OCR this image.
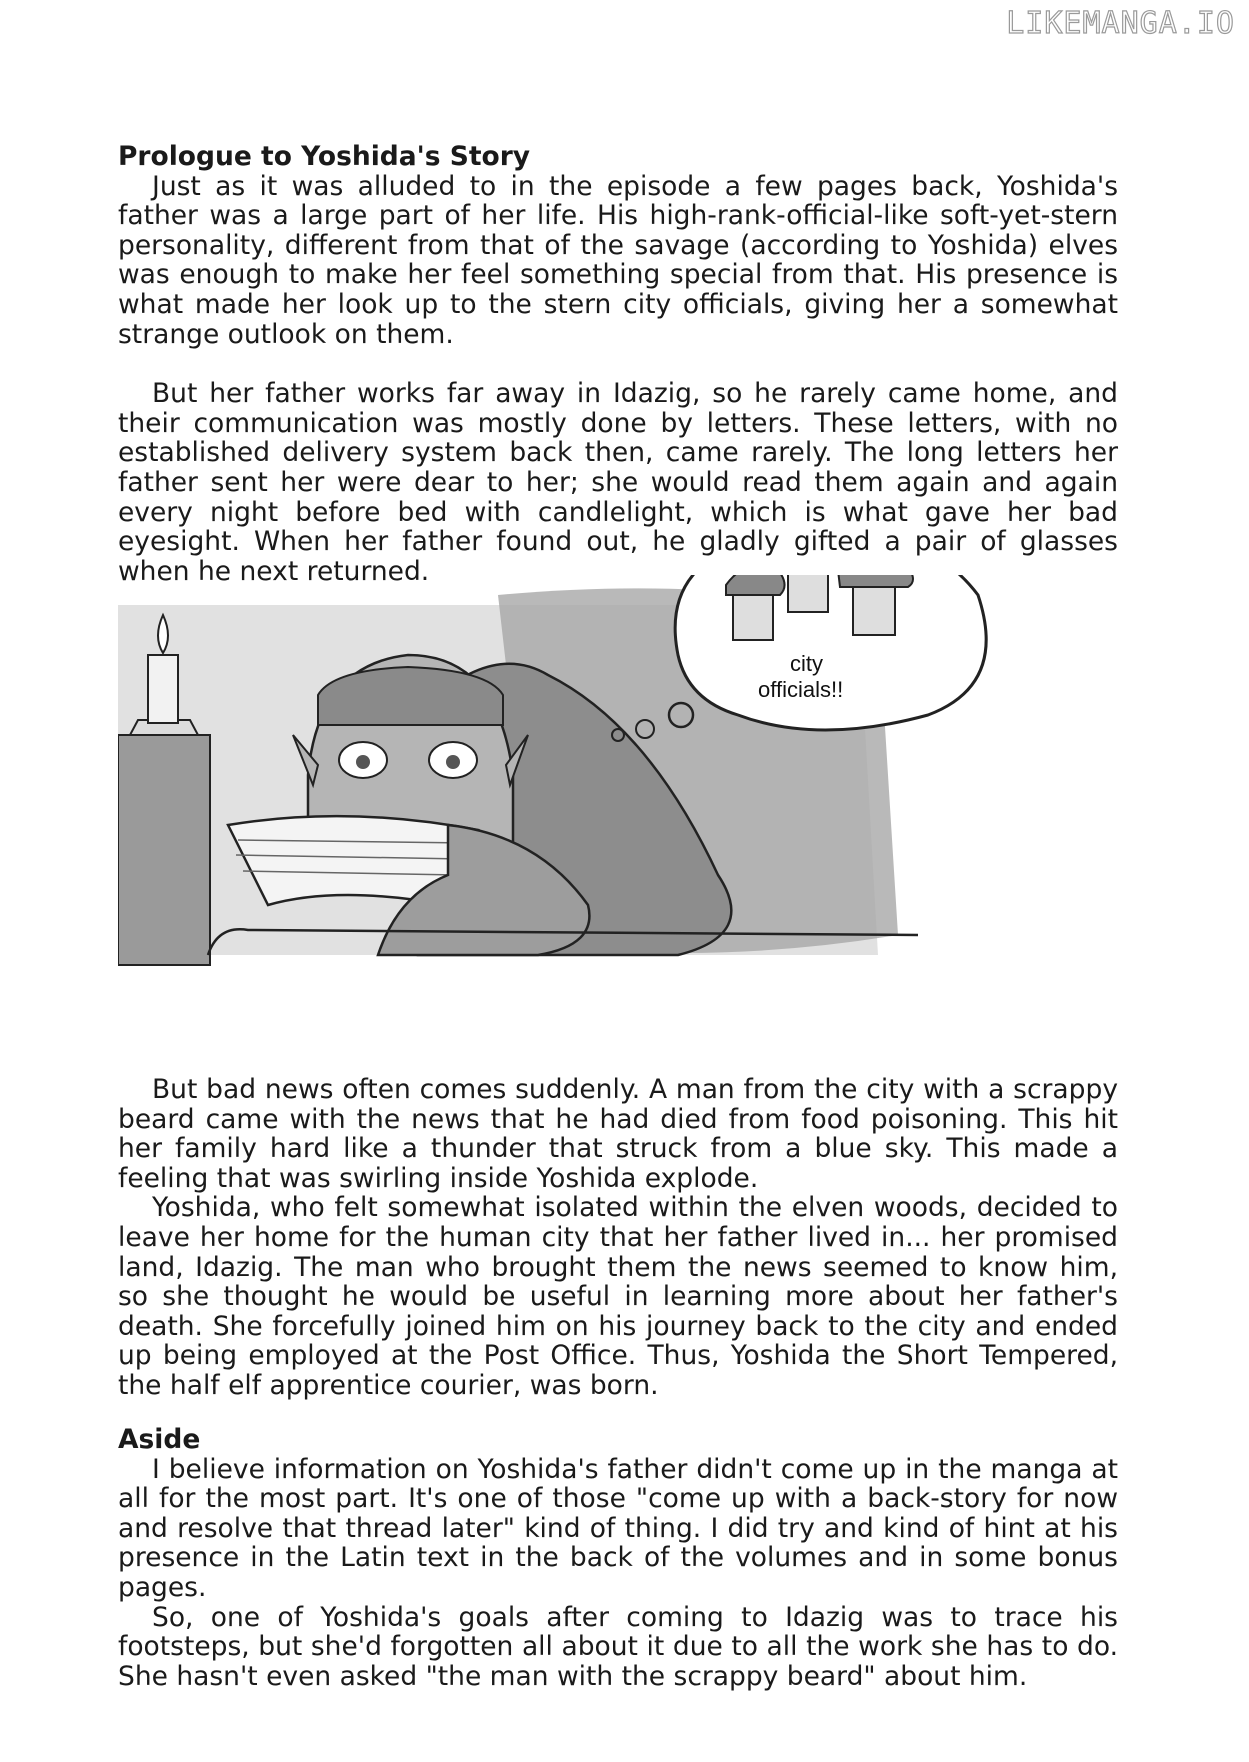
LIKEMANGA.IO
Prologue to Yoshida's Story

Just as it was alluded to in the episode a few pages back, Yoshida's father was a large part of her life. His high-rank-official-like soft-yet-stern personality, different from that of the savage (according to Yoshida) elves was enough to make her feel something special from that. His presence is what made her look up to the stern city officials, giving her a somewhat strange outlook on them.

But her father works far away in Idazig, so he rarely came home, and their communication was mostly done by letters. These letters, with no established delivery system back then, came rarely. The long letters her father sent her were dear to her; she would read them again and again every night before bed with candlelight, which is what gave her bad eyesight. When her father found out, he gladly gifted a pair of glasses when he next returned.

city
officials!!

But bad news often comes suddenly. A man from the city with a scrappy beard came with the news that he had died from food poisoning. This hit her family hard like a thunder that struck from a blue sky. This made a feeling that was swirling inside Yoshida explode.

Yoshida, who felt somewhat isolated within the elven woods, decided to leave her home for the human city that her father lived in... her promised land, Idazig. The man who brought them the news seemed to know him, so she thought he would be useful in learning more about her father's death. She forcefully joined him on his journey back to the city and ended up being employed at the Post Office. Thus, Yoshida the Short Tempered, the half elf apprentice courier, was born.

Aside

I believe information on Yoshida's father didn't come up in the manga at all for the most part. It's one of those "come up with a back-story for now and resolve that thread later" kind of thing. I did try and kind of hint at his presence in the Latin text in the back of the volumes and in some bonus pages.

So, one of Yoshida's goals after coming to Idazig was to trace his footsteps, but she'd forgotten all about it due to all the work she has to do. She hasn't even asked "the man with the scrappy beard" about him.
